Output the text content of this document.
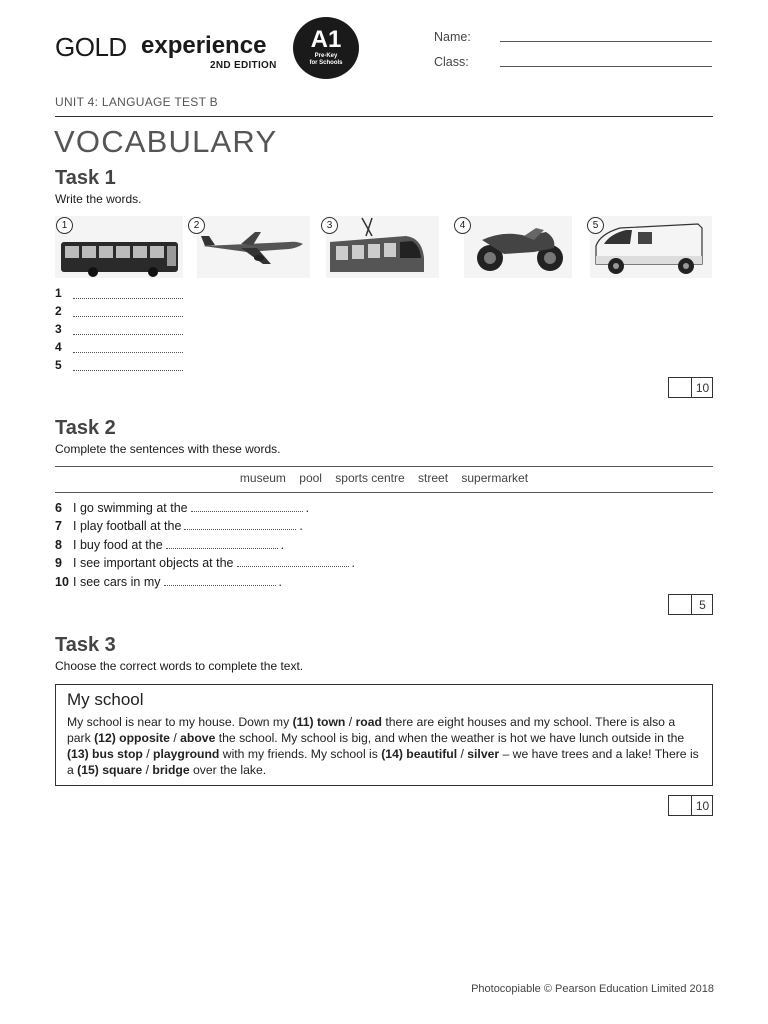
GOLD experience
2ND EDITION
A1
Pre-Key
for Schools
Name:
Class:
UNIT 4: LANGUAGE TEST B
VOCABULARY
Task 1
Write the words.
1	2	3	4	5
1
2
3
4
5
10
Task 2
Complete the sentences with these words.
museum pool sports centre street supermarket
6 I go swimming at the	.
7 I play football at the	.
8 I buy food at the	.
9 I see important objects at the	.
10 I see cars in my	.
5
Task 3
Choose the correct words to complete the text.
My school
My school is near to my house. Down my (11) town / road there are eight houses and my school. There is also a park (12) opposite / above the school. My school is big, and when the weather is hot we have lunch outside in the (13) bus stop / playground with my friends. My school is (14) beautiful / silver – we have trees and a lake! There is a (15) square / bridge over the lake.
10
Photocopiable © Pearson Education Limited 2018
